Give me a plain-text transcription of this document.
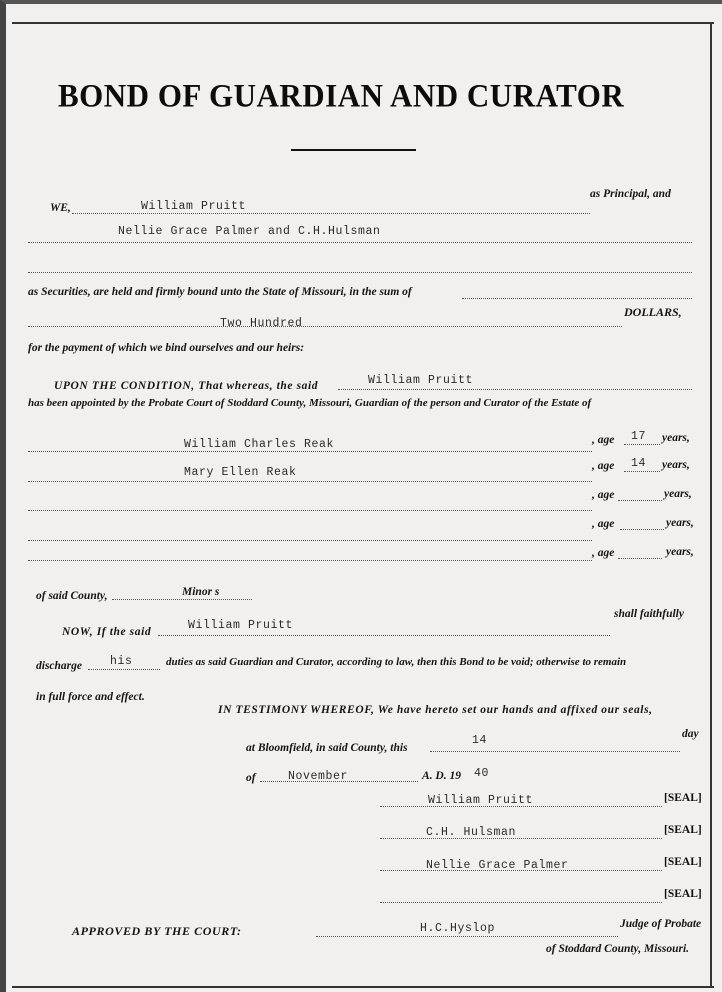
BOND OF GUARDIAN AND CURATOR
WE,	William Pruitt
as Principal, and
Nellie Grace Palmer and C.H.Hulsman
as Securities, are held and firmly bound unto the State of Missouri, in the sum of
Two Hundred
DOLLARS,
for the payment of which we bind ourselves and our heirs:
UPON THE CONDITION, That whereas, the said	William Pruitt
has been appointed by the Probate Court of Stoddard County, Missouri, Guardian of the person and Curator of the Estate of
William Charles Reak	, age 17 years,
Mary Ellen Reak	, age 14 years,
, age	years,
, age	years,
, age	years,
of said County,	Minor s
NOW, If the said	William Pruitt
shall faithfully
discharge his	duties as said Guardian and Curator, according to law, then this Bond to be void; otherwise to remain
in full force and effect.
IN TESTIMONY WHEREOF, We have hereto set our hands and affixed our seals,
at Bloomfield, in said County, this
14	day
of	November	A. D. 19 40
William Pruitt	[SEAL]
C.H. Hulsman	[SEAL]
Nellie Grace Palmer	[SEAL]
[SEAL]
APPROVED BY THE COURT:	H.C.Hyslop	Judge of Probate
of Stoddard County, Missouri.
